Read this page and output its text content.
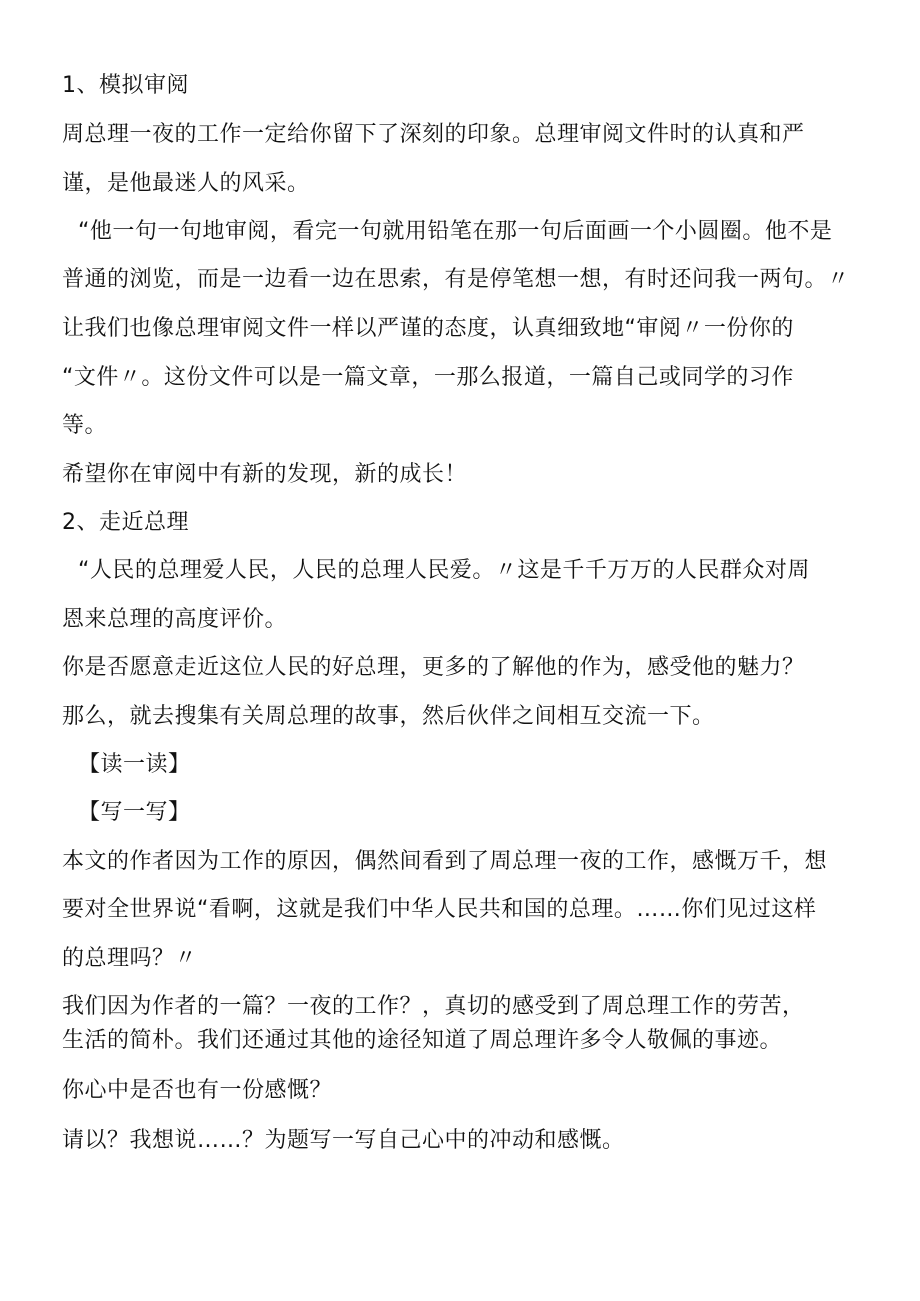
1、模拟审阅
周总理一夜的工作一定给你留下了深刻的印象。总理审阅文件时的认真和严
谨，是他最迷人的风采。
“他一句一句地审阅，看完一句就用铅笔在那一句后面画一个小圆圈。他不是
普通的浏览，而是一边看一边在思索，有是停笔想一想，有时还问我一两句。〃
让我们也像总理审阅文件一样以严谨的态度，认真细致地“审阅〃一份你的
“文件〃。这份文件可以是一篇文章，一那么报道，一篇自己或同学的习作
等。
希望你在审阅中有新的发现，新的成长！
2、走近总理
“人民的总理爱人民，人民的总理人民爱。〃这是千千万万的人民群众对周
恩来总理的高度评价。
你是否愿意走近这位人民的好总理，更多的了解他的作为，感受他的魅力？
那么，就去搜集有关周总理的故事，然后伙伴之间相互交流一下。
【读一读】
【写一写】
本文的作者因为工作的原因，偶然间看到了周总理一夜的工作，感慨万千，想
要对全世界说“看啊，这就是我们中华人民共和国的总理。……你们见过这样
的总理吗？〃
我们因为作者的一篇？一夜的工作？，真切的感受到了周总理工作的劳苦，
生活的简朴。我们还通过其他的途径知道了周总理许多令人敬佩的事迹。
你心中是否也有一份感慨？
请以？我想说……？为题写一写自己心中的冲动和感慨。
